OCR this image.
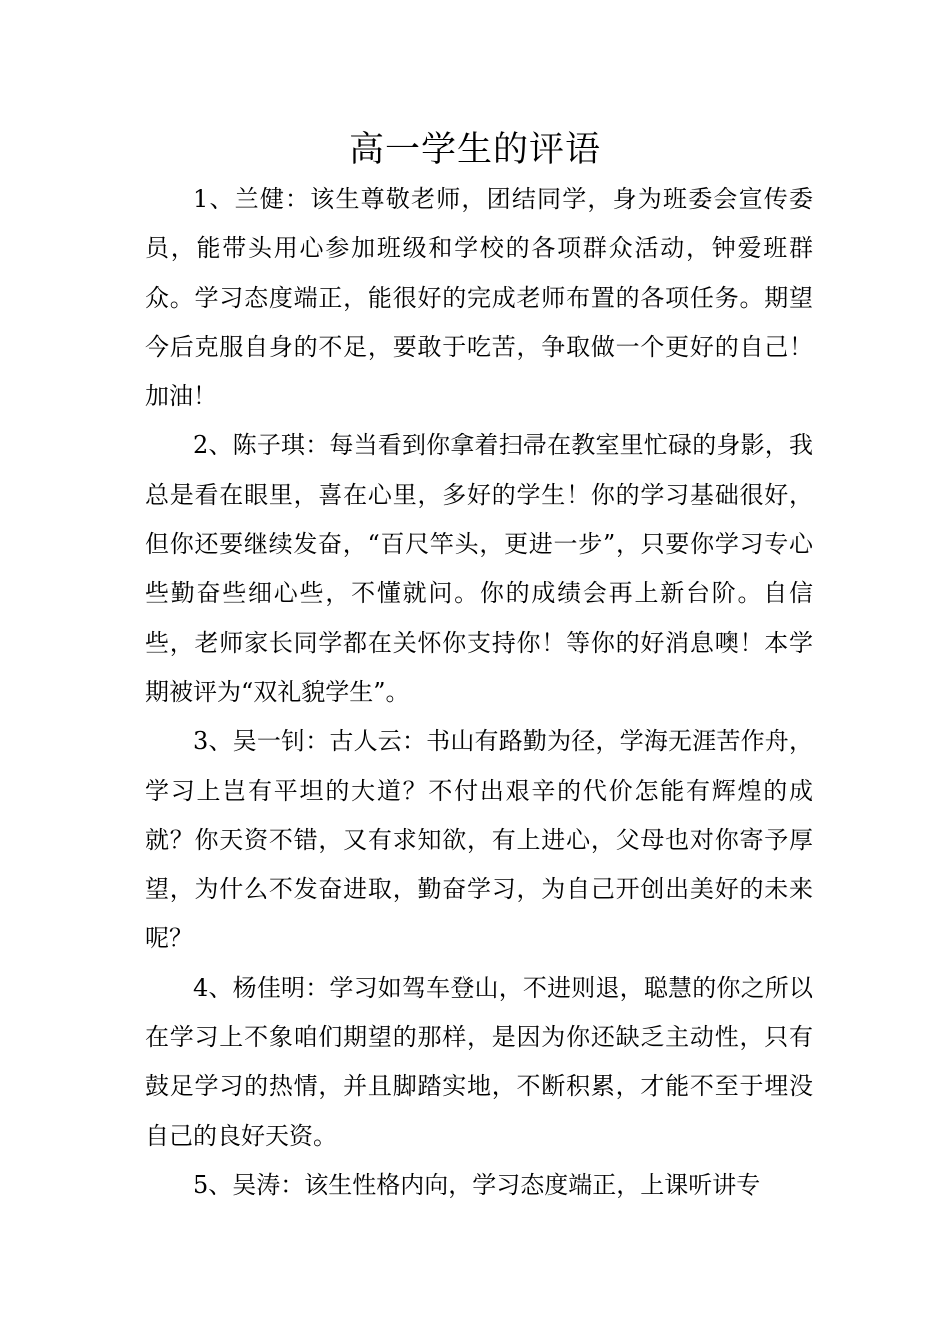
高一学生的评语

1、兰健：该生尊敬老师，团结同学，身为班委会宣传委员，能带头用心参加班级和学校的各项群众活动，钟爱班群众。学习态度端正，能很好的完成老师布置的各项任务。期望今后克服自身的不足，要敢于吃苦，争取做一个更好的自己！加油！

2、陈子琪：每当看到你拿着扫帚在教室里忙碌的身影，我总是看在眼里，喜在心里，多好的学生！你的学习基础很好，但你还要继续发奋，“百尺竿头，更进一步”，只要你学习专心些勤奋些细心些，不懂就问。你的成绩会再上新台阶。自信些，老师家长同学都在关怀你支持你！等你的好消息噢！本学期被评为“双礼貌学生”。

3、吴一钊：古人云：书山有路勤为径，学海无涯苦作舟，学习上岂有平坦的大道？不付出艰辛的代价怎能有辉煌的成就？你天资不错，又有求知欲，有上进心，父母也对你寄予厚望，为什么不发奋进取，勤奋学习，为自己开创出美好的未来呢？

4、杨佳明：学习如驾车登山，不进则退，聪慧的你之所以在学习上不象咱们期望的那样，是因为你还缺乏主动性，只有鼓足学习的热情，并且脚踏实地，不断积累，才能不至于埋没自己的良好天资。

5、吴涛：该生性格内向，学习态度端正，上课听讲专
